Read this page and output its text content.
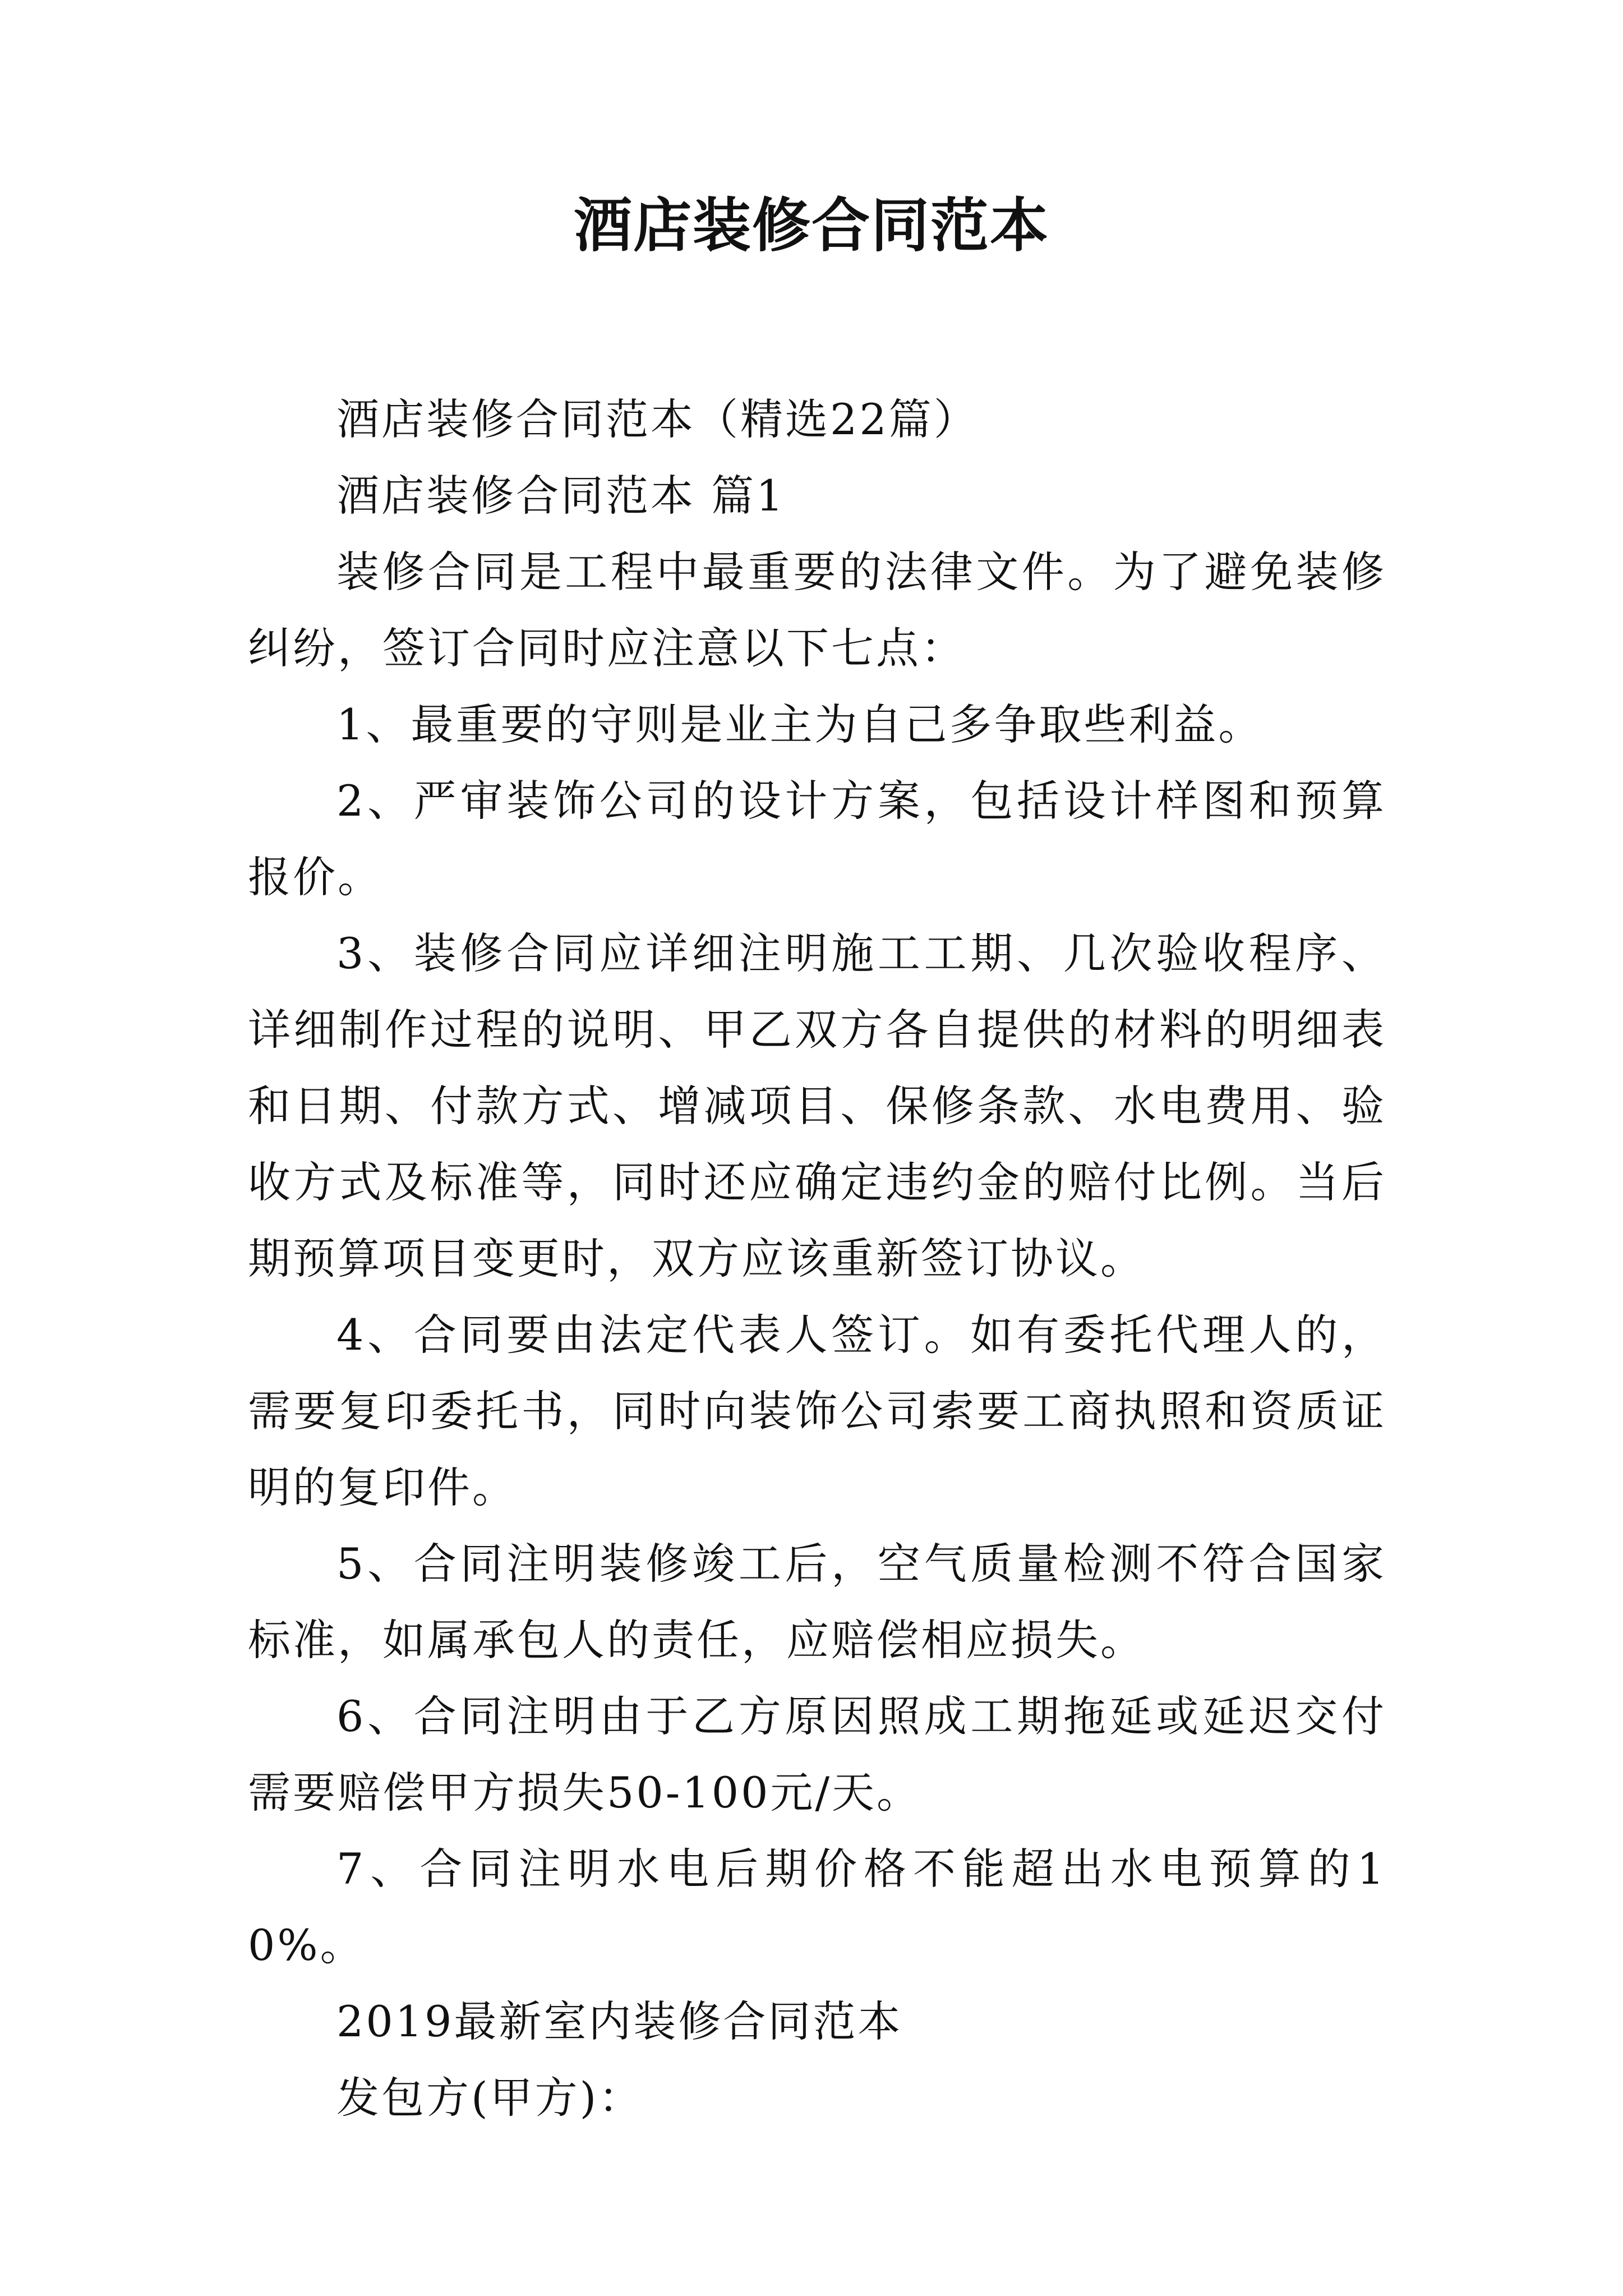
酒店装修合同范本

酒店装修合同范本（精选22篇）

酒店装修合同范本 篇1

装修合同是工程中最重要的法律文件。为了避免装修纠纷，签订合同时应注意以下七点：

1、最重要的守则是业主为自己多争取些利益。

2、严审装饰公司的设计方案，包括设计样图和预算报价。

3、装修合同应详细注明施工工期、几次验收程序、详细制作过程的说明、甲乙双方各自提供的材料的明细表和日期、付款方式、增减项目、保修条款、水电费用、验收方式及标准等，同时还应确定违约金的赔付比例。当后期预算项目变更时，双方应该重新签订协议。

4、合同要由法定代表人签订。如有委托代理人的，需要复印委托书，同时向装饰公司索要工商执照和资质证明的复印件。

5、合同注明装修竣工后，空气质量检测不符合国家标准，如属承包人的责任，应赔偿相应损失。

6、合同注明由于乙方原因照成工期拖延或延迟交付需要赔偿甲方损失50-100元/天。

7、合同注明水电后期价格不能超出水电预算的10%。

2019最新室内装修合同范本

发包方(甲方)：
